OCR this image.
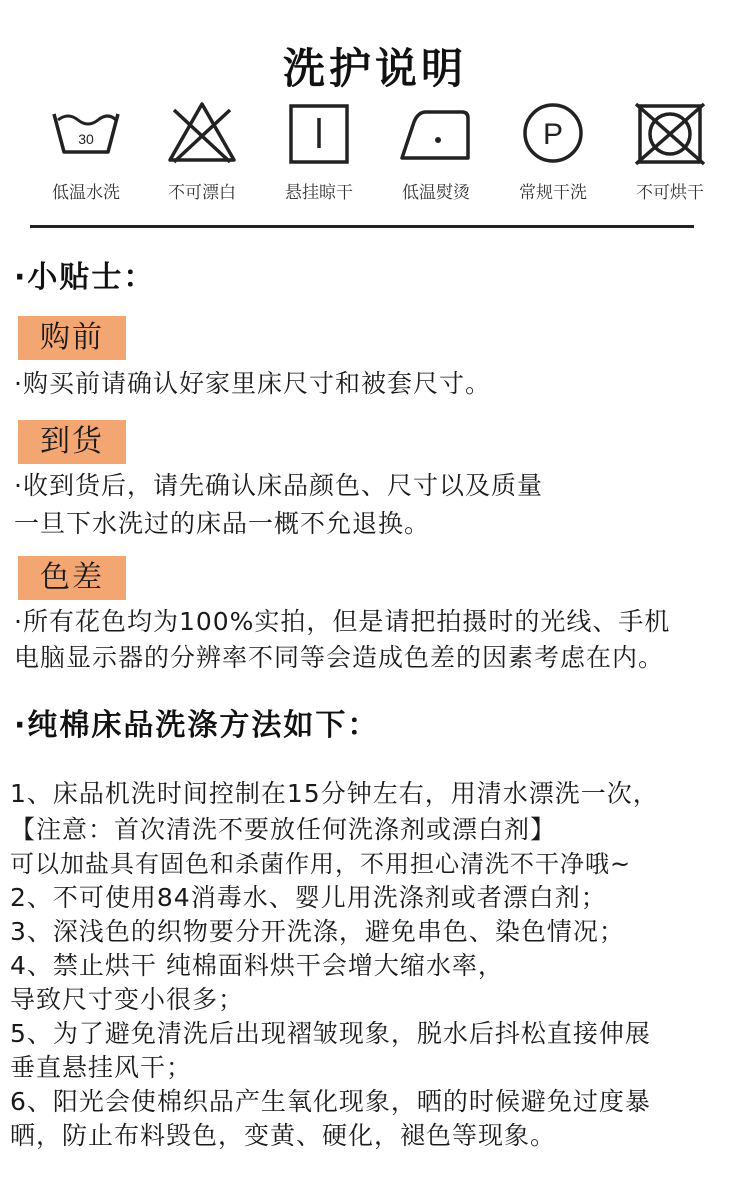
洗护说明
30
低温水洗	不可漂白	悬挂晾干	低温熨烫
P
常规干洗	不可烘干
·小贴士：
购前
·购买前请确认好家里床尺寸和被套尺寸。
到货
·收到货后，请先确认床品颜色、尺寸以及质量
一旦下水洗过的床品一概不允退换。
色差
·所有花色均为100%实拍，但是请把拍摄时的光线、手机
电脑显示器的分辨率不同等会造成色差的因素考虑在内。
·纯棉床品洗涤方法如下：
1、床品机洗时间控制在15分钟左右，用清水漂洗一次，
【注意：首次清洗不要放任何洗涤剂或漂白剂】
可以加盐具有固色和杀菌作用，不用担心清洗不干净哦~
2、不可使用84消毒水、婴儿用洗涤剂或者漂白剂；
3、深浅色的织物要分开洗涤，避免串色、染色情况；
4、禁止烘干 纯棉面料烘干会增大缩水率，
导致尺寸变小很多；
5、为了避免清洗后出现褶皱现象，脱水后抖松直接伸展
垂直悬挂风干；
6、阳光会使棉织品产生氧化现象，晒的时候避免过度暴
晒，防止布料毁色，变黄、硬化，褪色等现象。
